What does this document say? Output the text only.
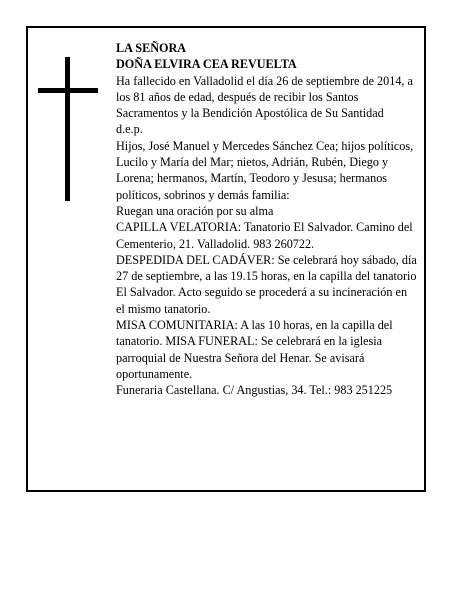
LA SEÑORA

DOÑA ELVIRA CEA REVUELTA

Ha fallecido en Valladolid el día 26 de septiembre de 2014, a los 81 años de edad, después de recibir los Santos Sacramentos y la Bendición Apostólica de Su Santidad

d.e.p.

Hijos, José Manuel y Mercedes Sánchez Cea; hijos políticos, Lucilo y María del Mar; nietos, Adrián, Rubén, Diego y Lorena; hermanos, Martín, Teodoro y Jesusa; hermanos políticos, sobrinos y demás familia:

Ruegan una oración por su alma

CAPILLA VELATORIA: Tanatorio El Salvador. Camino del Cementerio, 21. Valladolid. 983 260722.

DESPEDIDA DEL CADÁVER: Se celebrará hoy sábado, día 27 de septiembre, a las 19.15 horas, en la capilla del tanatorio El Salvador. Acto seguido se procederá a su incineración en el mismo tanatorio.

MISA COMUNITARIA: A las 10 horas, en la capilla del tanatorio. MISA FUNERAL: Se celebrará en la iglesia parroquial de Nuestra Señora del Henar. Se avisará oportunamente.

Funeraria Castellana. C/ Angustias, 34. Tel.: 983 251225
